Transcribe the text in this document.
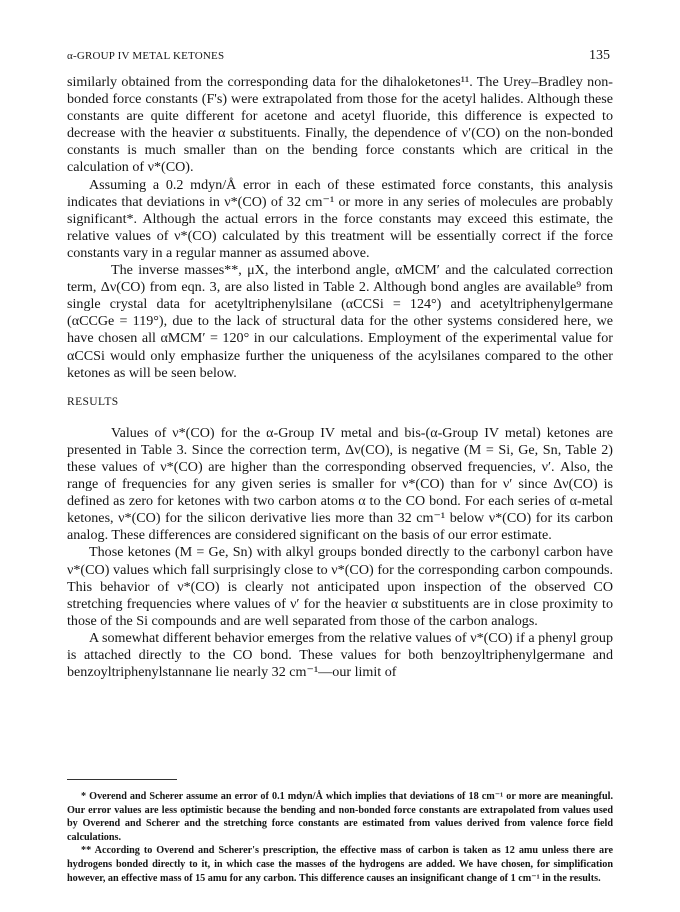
α-GROUP IV METAL KETONES	135

similarly obtained from the corresponding data for the dihaloketones¹¹. The Urey–Bradley non-bonded force constants (F's) were extrapolated from those for the acetyl halides. Although these constants are quite different for acetone and acetyl fluoride, this difference is expected to decrease with the heavier α substituents. Finally, the dependence of ν′(CO) on the non-bonded constants is much smaller than on the bending force constants which are critical in the calculation of ν*(CO).

Assuming a 0.2 mdyn/Å error in each of these estimated force constants, this analysis indicates that deviations in ν*(CO) of 32 cm⁻¹ or more in any series of molecules are probably significant*. Although the actual errors in the force constants may exceed this estimate, the relative values of ν*(CO) calculated by this treatment will be essentially correct if the force constants vary in a regular manner as assumed above.

The inverse masses**, μX, the interbond angle, αMCM′ and the calculated correction term, Δν(CO) from eqn. 3, are also listed in Table 2. Although bond angles are available⁹ from single crystal data for acetyltriphenylsilane (αCCSi = 124°) and acetyltriphenylgermane (αCCGe = 119°), due to the lack of structural data for the other systems considered here, we have chosen all αMCM′ = 120° in our calculations. Employment of the experimental value for αCCSi would only emphasize further the uniqueness of the acylsilanes compared to the other ketones as will be seen below.

RESULTS

Values of ν*(CO) for the α-Group IV metal and bis-(α-Group IV metal) ketones are presented in Table 3. Since the correction term, Δν(CO), is negative (M = Si, Ge, Sn, Table 2) these values of ν*(CO) are higher than the corresponding observed frequencies, ν′. Also, the range of frequencies for any given series is smaller for ν*(CO) than for ν′ since Δν(CO) is defined as zero for ketones with two carbon atoms α to the CO bond. For each series of α-metal ketones, ν*(CO) for the silicon derivative lies more than 32 cm⁻¹ below ν*(CO) for its carbon analog. These differences are considered significant on the basis of our error estimate.

Those ketones (M = Ge, Sn) with alkyl groups bonded directly to the carbonyl carbon have ν*(CO) values which fall surprisingly close to ν*(CO) for the corresponding carbon compounds. This behavior of ν*(CO) is clearly not anticipated upon inspection of the observed CO stretching frequencies where values of ν′ for the heavier α substituents are in close proximity to those of the Si compounds and are well separated from those of the carbon analogs.

A somewhat different behavior emerges from the relative values of ν*(CO) if a phenyl group is attached directly to the CO bond. These values for both benzoyltriphenylgermane and benzoyltriphenylstannane lie nearly 32 cm⁻¹—our limit of

* Overend and Scherer assume an error of 0.1 mdyn/Å which implies that deviations of 18 cm⁻¹ or more are meaningful. Our error values are less optimistic because the bending and non-bonded force constants are extrapolated from values used by Overend and Scherer and the stretching force constants are estimated from values derived from valence force field calculations.

** According to Overend and Scherer's prescription, the effective mass of carbon is taken as 12 amu unless there are hydrogens bonded directly to it, in which case the masses of the hydrogens are added. We have chosen, for simplification however, an effective mass of 15 amu for any carbon. This difference causes an insignificant change of 1 cm⁻¹ in the results.
